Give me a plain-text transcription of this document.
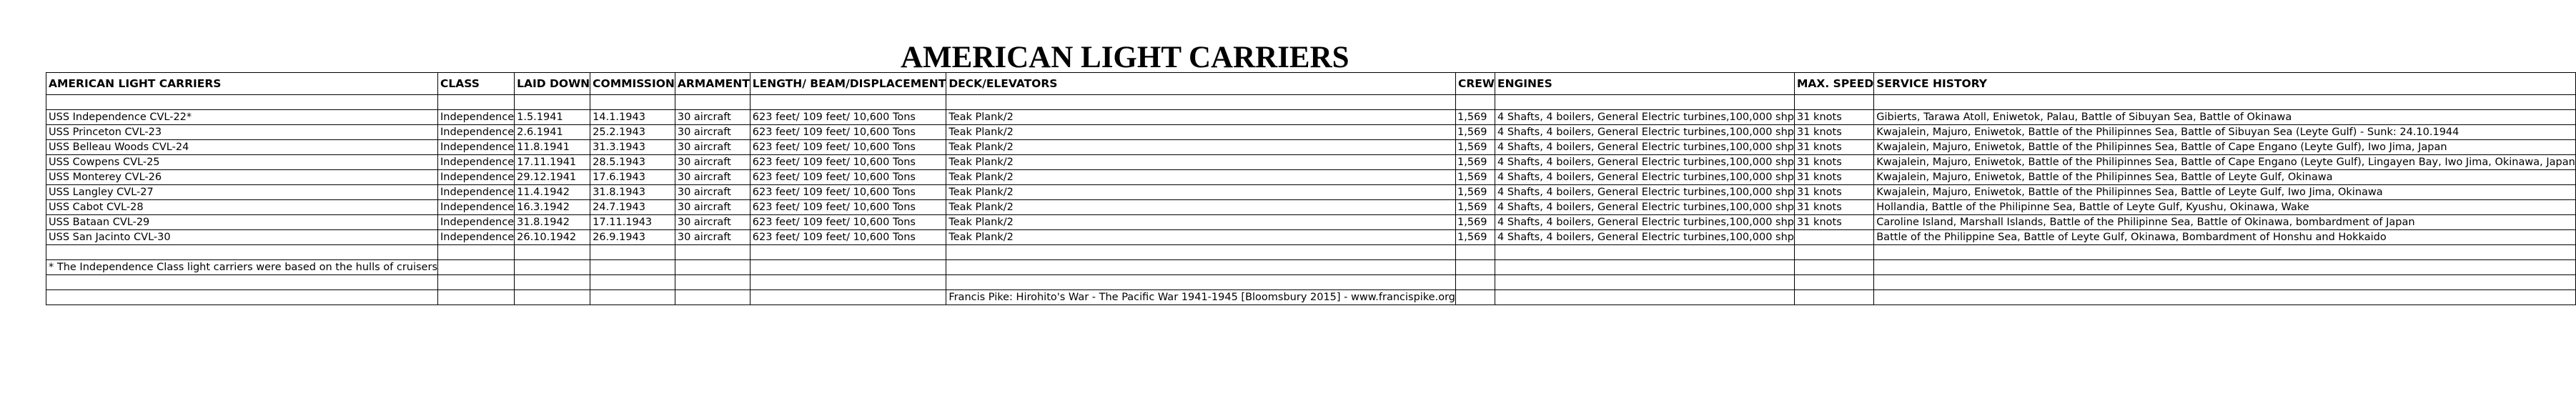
AMERICAN LIGHT CARRIERS
AMERICAN LIGHT CARRIERS	CLASS	LAID DOWN	COMMISSION	ARMAMENT	LENGTH/ BEAM/DISPLACEMENT	DECK/ELEVATORS	CREW	ENGINES	MAX. SPEED	SERVICE HISTORY

USS Independence CVL-22*	Independence	1.5.1941	14.1.1943	30 aircraft	623 feet/ 109 feet/ 10,600 Tons	Teak Plank/2	1,569	4 Shafts, 4 boilers, General Electric turbines,100,000 shp	31 knots	Gibierts, Tarawa Atoll, Eniwetok, Palau, Battle of Sibuyan Sea, Battle of Okinawa
USS Princeton CVL-23	Independence	2.6.1941	25.2.1943	30 aircraft	623 feet/ 109 feet/ 10,600 Tons	Teak Plank/2	1,569	4 Shafts, 4 boilers, General Electric turbines,100,000 shp	31 knots	Kwajalein, Majuro, Eniwetok, Battle of the Philipinnes Sea, Battle of Sibuyan Sea (Leyte Gulf) - Sunk: 24.10.1944
USS Belleau Woods CVL-24	Independence	11.8.1941	31.3.1943	30 aircraft	623 feet/ 109 feet/ 10,600 Tons	Teak Plank/2	1,569	4 Shafts, 4 boilers, General Electric turbines,100,000 shp	31 knots	Kwajalein, Majuro, Eniwetok, Battle of the Philipinnes Sea, Battle of Cape Engano (Leyte Gulf), Iwo Jima, Japan
USS Cowpens CVL-25	Independence	17.11.1941	28.5.1943	30 aircraft	623 feet/ 109 feet/ 10,600 Tons	Teak Plank/2	1,569	4 Shafts, 4 boilers, General Electric turbines,100,000 shp	31 knots	Kwajalein, Majuro, Eniwetok, Battle of the Philipinnes Sea, Battle of Cape Engano (Leyte Gulf), Lingayen Bay, Iwo Jima, Okinawa, Japan
USS Monterey CVL-26	Independence	29.12.1941	17.6.1943	30 aircraft	623 feet/ 109 feet/ 10,600 Tons	Teak Plank/2	1,569	4 Shafts, 4 boilers, General Electric turbines,100,000 shp	31 knots	Kwajalein, Majuro, Eniwetok, Battle of the Philipinnes Sea, Battle of Leyte Gulf, Okinawa
USS Langley CVL-27	Independence	11.4.1942	31.8.1943	30 aircraft	623 feet/ 109 feet/ 10,600 Tons	Teak Plank/2	1,569	4 Shafts, 4 boilers, General Electric turbines,100,000 shp	31 knots	Kwajalein, Majuro, Eniwetok, Battle of the Philipinnes Sea, Battle of Leyte Gulf, Iwo Jima, Okinawa
USS Cabot CVL-28	Independence	16.3.1942	24.7.1943	30 aircraft	623 feet/ 109 feet/ 10,600 Tons	Teak Plank/2	1,569	4 Shafts, 4 boilers, General Electric turbines,100,000 shp	31 knots	Hollandia, Battle of the Philipinne Sea, Battle of Leyte Gulf, Kyushu, Okinawa, Wake
USS Bataan CVL-29	Independence	31.8.1942	17.11.1943	30 aircraft	623 feet/ 109 feet/ 10,600 Tons	Teak Plank/2	1,569	4 Shafts, 4 boilers, General Electric turbines,100,000 shp	31 knots	Caroline Island, Marshall Islands, Battle of the Philipinne Sea, Battle of Okinawa, bombardment of Japan
USS San Jacinto CVL-30	Independence	26.10.1942	26.9.1943	30 aircraft	623 feet/ 109 feet/ 10,600 Tons	Teak Plank/2	1,569	4 Shafts, 4 boilers, General Electric turbines,100,000 shp		Battle of the Philippine Sea, Battle of Leyte Gulf, Okinawa, Bombardment of Honshu and Hokkaido

* The Independence Class light carriers were based on the hulls of cruisers										

						Francis Pike: Hirohito's War - The Pacific War 1941-1945 [Bloomsbury 2015] - www.francispike.org				
